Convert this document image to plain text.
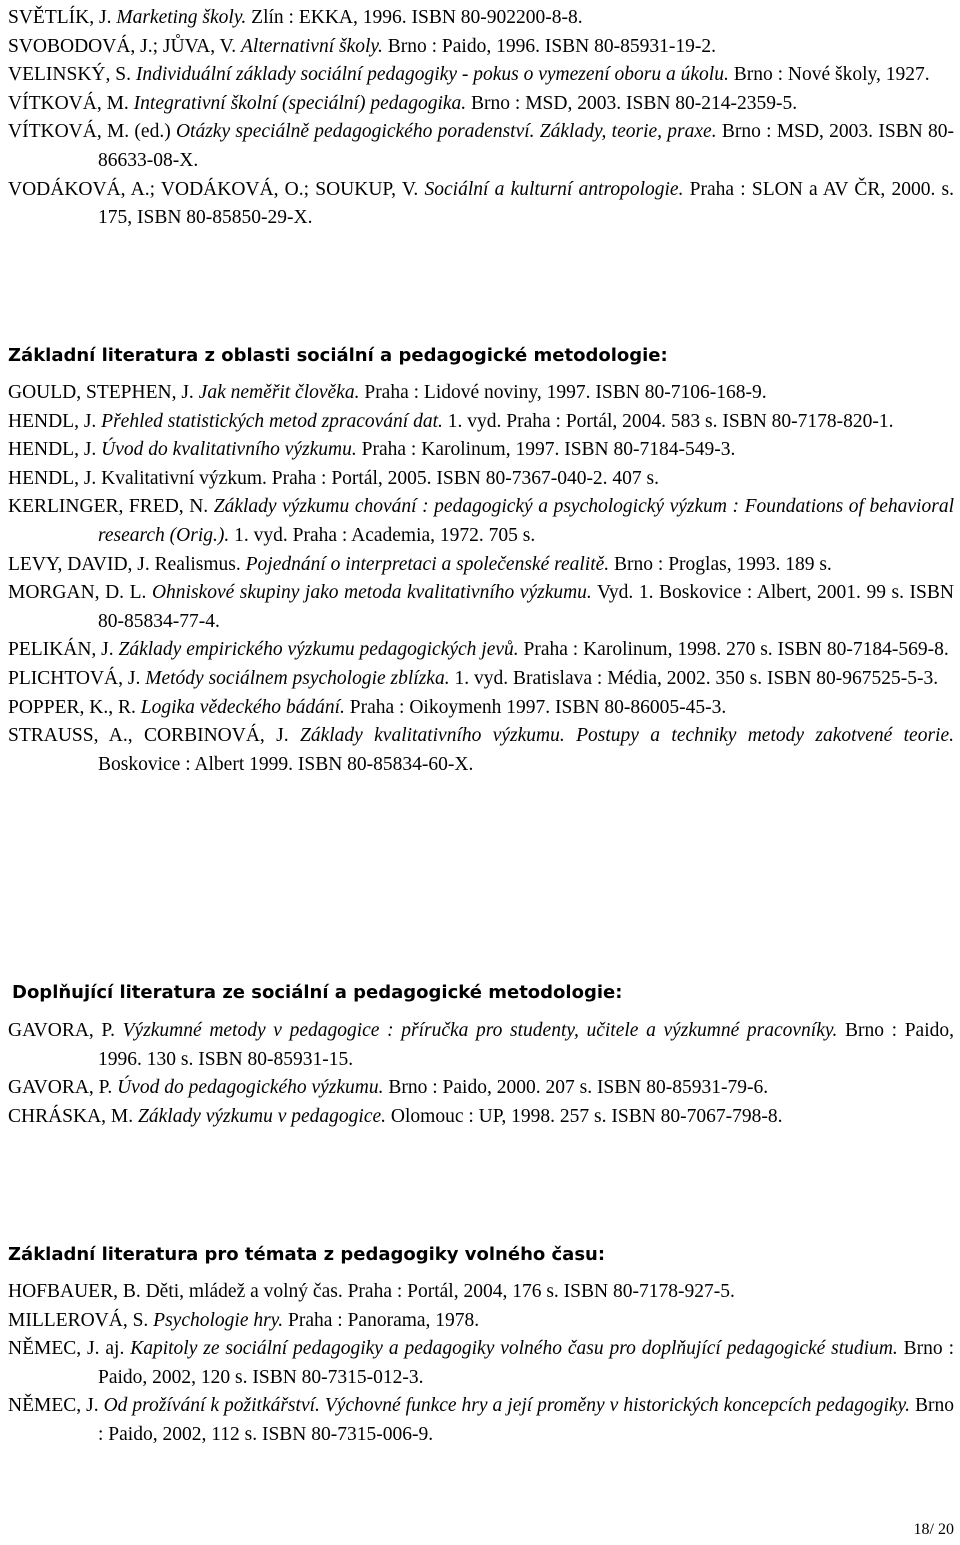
SVĚTLÍK, J. Marketing školy. Zlín : EKKA, 1996. ISBN 80-902200-8-8.

SVOBODOVÁ, J.; JŮVA, V. Alternativní školy. Brno : Paido, 1996. ISBN 80-85931-19-2.

VELINSKÝ, S. Individuální základy sociální pedagogiky - pokus o vymezení oboru a úkolu. Brno : Nové školy, 1927.

VÍTKOVÁ, M. Integrativní školní (speciální) pedagogika. Brno : MSD, 2003. ISBN 80-214-2359-5.

VÍTKOVÁ, M. (ed.) Otázky speciálně pedagogického poradenství. Základy, teorie, praxe. Brno : MSD, 2003. ISBN 80-86633-08-X.

VODÁKOVÁ, A.; VODÁKOVÁ, O.; SOUKUP, V. Sociální a kulturní antropologie. Praha : SLON a AV ČR, 2000. s. 175, ISBN 80-85850-29-X.

Základní literatura z oblasti sociální a pedagogické metodologie:

GOULD, STEPHEN, J. Jak neměřit člověka. Praha : Lidové noviny, 1997. ISBN 80-7106-168-9.

HENDL, J. Přehled statistických metod zpracování dat. 1. vyd. Praha : Portál, 2004. 583 s. ISBN 80-7178-820-1.

HENDL, J. Úvod do kvalitativního výzkumu. Praha : Karolinum, 1997. ISBN 80-7184-549-3.

HENDL, J. Kvalitativní výzkum. Praha : Portál, 2005. ISBN 80-7367-040-2. 407 s.

KERLINGER, FRED, N. Základy výzkumu chování : pedagogický a psychologický výzkum : Foundations of behavioral research (Orig.). 1. vyd. Praha : Academia, 1972. 705 s.

LEVY, DAVID, J. Realismus. Pojednání o interpretaci a společenské realitě. Brno : Proglas, 1993. 189 s.

MORGAN, D. L. Ohniskové skupiny jako metoda kvalitativního výzkumu. Vyd. 1. Boskovice : Albert, 2001. 99 s. ISBN 80-85834-77-4.

PELIKÁN, J. Základy empirického výzkumu pedagogických jevů. Praha : Karolinum, 1998. 270 s. ISBN 80-7184-569-8.

PLICHTOVÁ, J. Metódy sociálnem psychologie zblízka. 1. vyd. Bratislava : Média, 2002. 350 s. ISBN 80-967525-5-3.

POPPER, K., R. Logika vědeckého bádání. Praha : Oikoymenh 1997. ISBN 80-86005-45-3.

STRAUSS, A., CORBINOVÁ, J. Základy kvalitativního výzkumu. Postupy a techniky metody zakotvené teorie. Boskovice : Albert 1999. ISBN 80-85834-60-X.

Doplňující literatura ze sociální a pedagogické metodologie:

GAVORA, P. Výzkumné metody v pedagogice : příručka pro studenty, učitele a výzkumné pracovníky. Brno : Paido, 1996. 130 s. ISBN 80-85931-15.

GAVORA, P. Úvod do pedagogického výzkumu. Brno : Paido, 2000. 207 s. ISBN 80-85931-79-6.

CHRÁSKA, M. Základy výzkumu v pedagogice. Olomouc : UP, 1998. 257 s. ISBN 80-7067-798-8.

Základní literatura pro témata z pedagogiky volného času:

HOFBAUER, B. Děti, mládež a volný čas. Praha : Portál, 2004, 176 s. ISBN 80-7178-927-5.

MILLEROVÁ, S. Psychologie hry. Praha : Panorama, 1978.

NĚMEC, J. aj. Kapitoly ze sociální pedagogiky a pedagogiky volného času pro doplňující pedagogické studium. Brno : Paido, 2002, 120 s. ISBN 80-7315-012-3.

NĚMEC, J. Od prožívání k požitkářství. Výchovné funkce hry a její proměny v historických koncepcích pedagogiky. Brno : Paido, 2002, 112 s. ISBN 80-7315-006-9.

18/ 20
